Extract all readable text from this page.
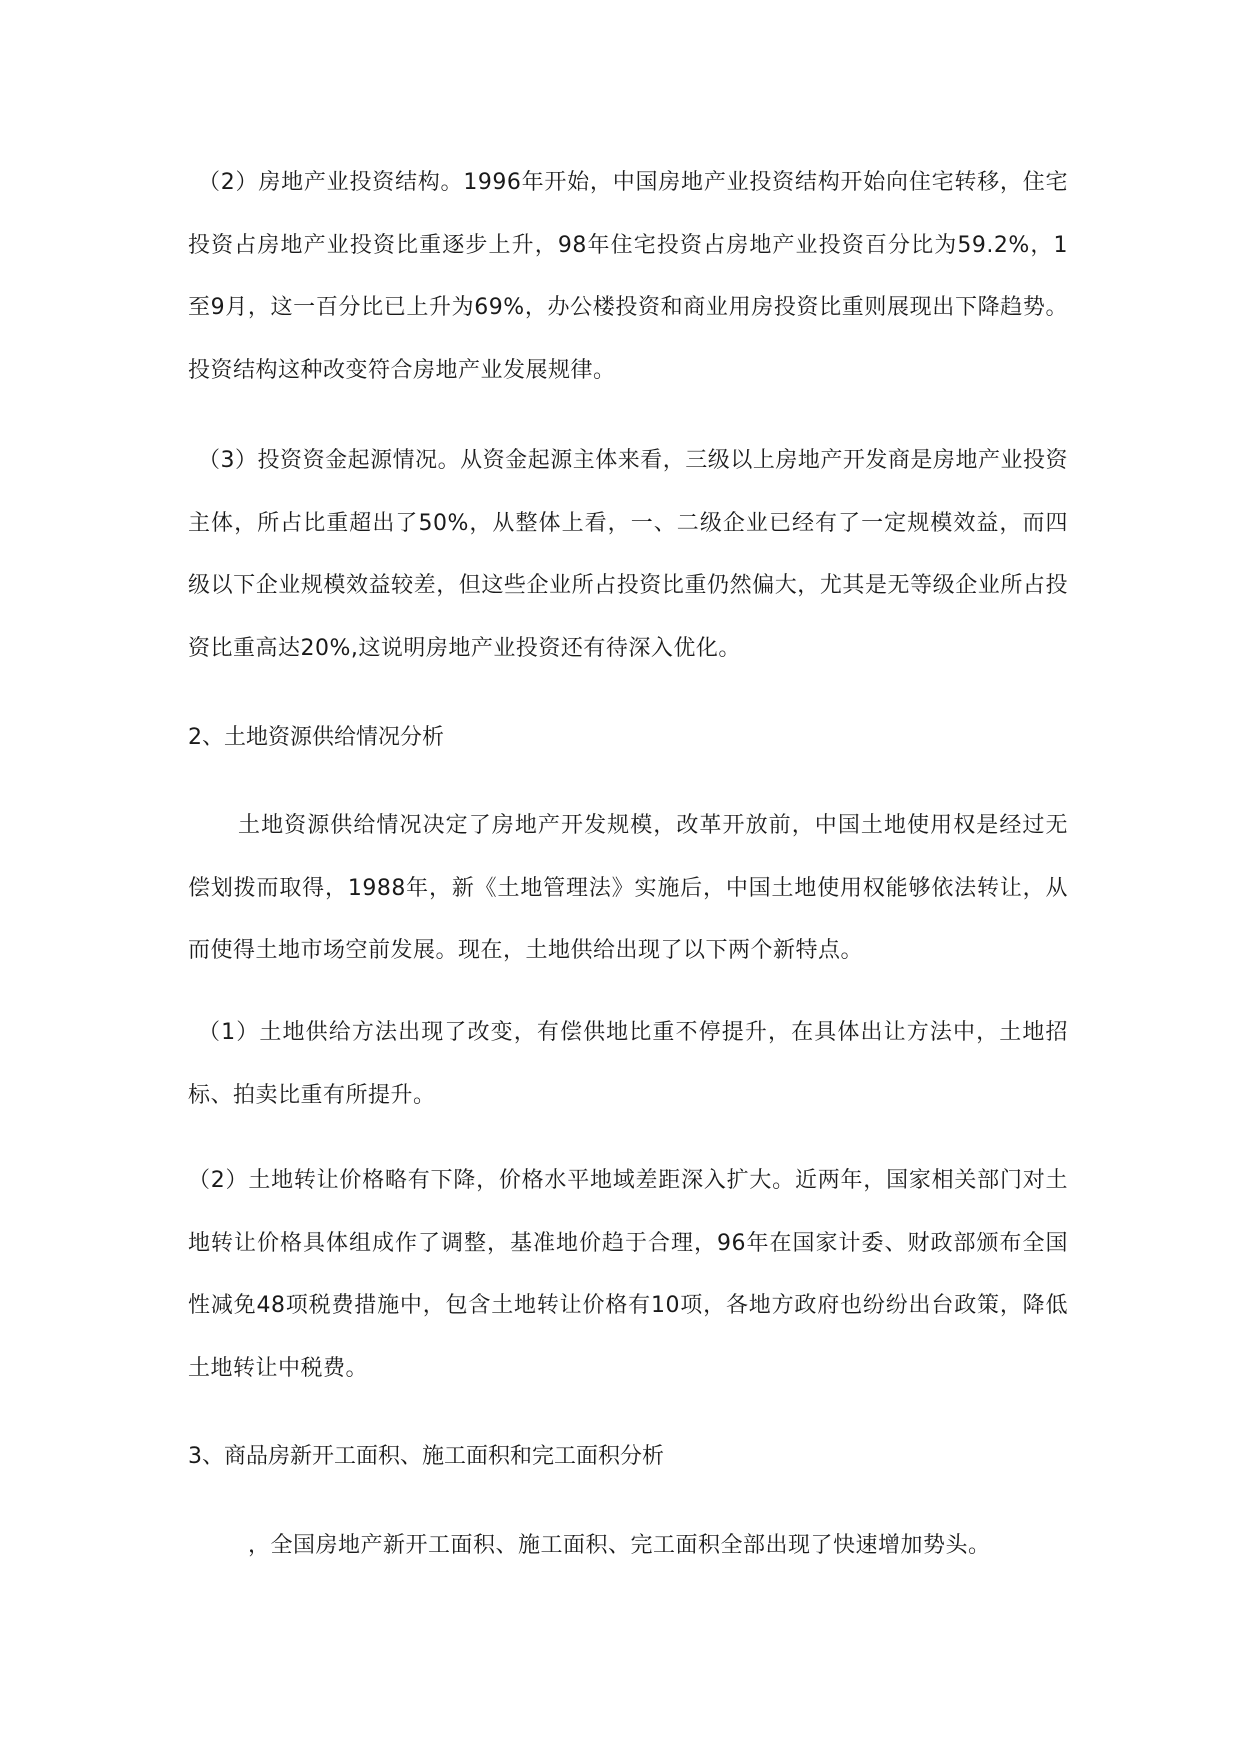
（2）房地产业投资结构。1996年开始，中国房地产业投资结构开始向住宅转移，住宅投资占房地产业投资比重逐步上升，98年住宅投资占房地产业投资百分比为59.2%，1至9月，这一百分比已上升为69%，办公楼投资和商业用房投资比重则展现出下降趋势。投资结构这种改变符合房地产业发展规律。

（3）投资资金起源情况。从资金起源主体来看，三级以上房地产开发商是房地产业投资主体，所占比重超出了50%，从整体上看，一、二级企业已经有了一定规模效益，而四级以下企业规模效益较差，但这些企业所占投资比重仍然偏大，尤其是无等级企业所占投资比重高达20%,这说明房地产业投资还有待深入优化。

2、土地资源供给情况分析

土地资源供给情况决定了房地产开发规模，改革开放前，中国土地使用权是经过无偿划拨而取得，1988年，新《土地管理法》实施后，中国土地使用权能够依法转让，从而使得土地市场空前发展。现在，土地供给出现了以下两个新特点。

（1）土地供给方法出现了改变，有偿供地比重不停提升，在具体出让方法中，土地招标、拍卖比重有所提升。

（2）土地转让价格略有下降，价格水平地域差距深入扩大。近两年，国家相关部门对土地转让价格具体组成作了调整，基准地价趋于合理，96年在国家计委、财政部颁布全国性减免48项税费措施中，包含土地转让价格有10项，各地方政府也纷纷出台政策，降低土地转让中税费。

3、商品房新开工面积、施工面积和完工面积分析

，全国房地产新开工面积、施工面积、完工面积全部出现了快速增加势头。
